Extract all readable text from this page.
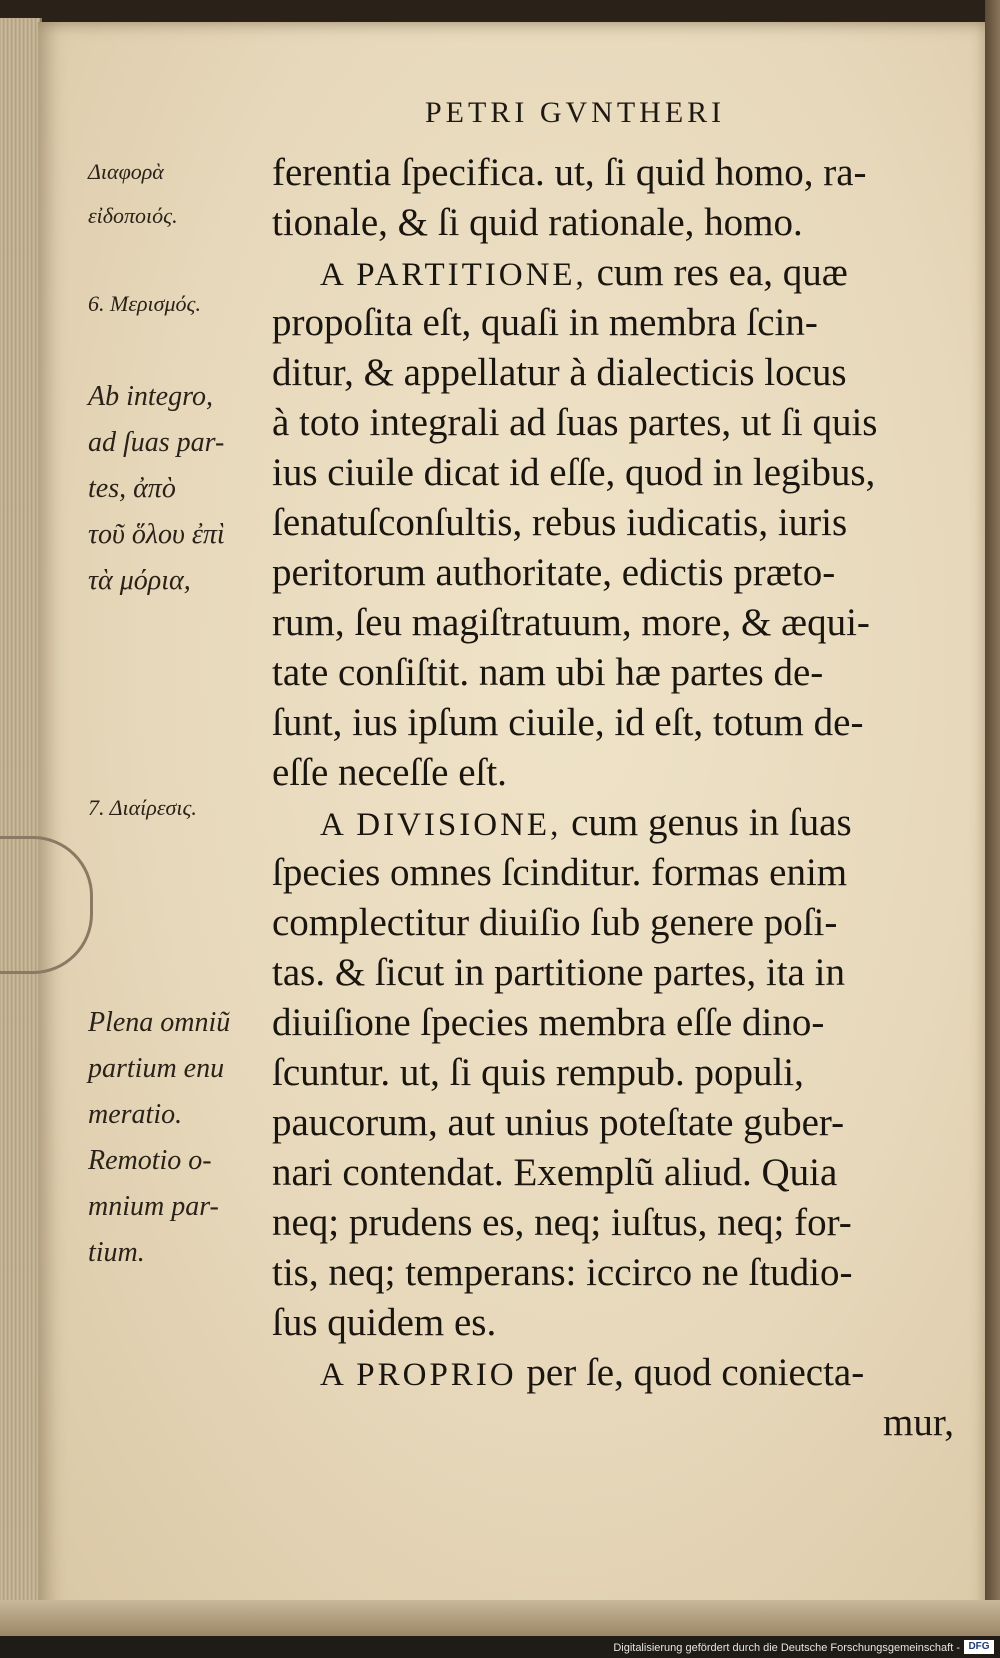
PETRI GVNTHERI
ferentia ſpecifica. ut, ſi quid homo, ra-
tionale, & ſi quid rationale, homo.
A PARTITIONE, cum res ea, quæ
propoſita eſt, quaſi in membra ſcin-
ditur, & appellatur à dialecticis locus
à toto integrali ad ſuas partes, ut ſi quis
ius ciuile dicat id eſſe, quod in legibus,
ſenatuſconſultis, rebus iudicatis, iuris
peritorum authoritate, edictis præto-
rum, ſeu magiſtratuum, more, & æqui-
tate conſiſtit. nam ubi hæ partes de-
ſunt, ius ipſum ciuile, id eſt, totum de-
eſſe neceſſe eſt.
A DIVISIONE, cum genus in ſuas
ſpecies omnes ſcinditur. formas enim
complectitur diuiſio ſub genere poſi-
tas. & ſicut in partitione partes, ita in
diuiſione ſpecies membra eſſe dino-
ſcuntur. ut, ſi quis rempub. populi,
paucorum, aut unius poteſtate guber-
nari contendat. Exemplũ aliud. Quia
neq; prudens es, neq; iuſtus, neq; for-
tis, neq; temperans: iccirco ne ſtudio-
ſus quidem es.
A PROPRIO per ſe, quod coniecta-
Διαφορὰ
εἰδοποιός.
6. Μερισμός.
Ab integro,
ad ſuas par-
tes, ἀπὸ
τοῦ ὅλου ἐπὶ
τὰ μόρια,
7. Διαίρεσις.
Plena omniũ
partium enu
meratio.
Remotio o-
mnium par-
tium.
mur,
Digitalisierung gefördert durch die Deutsche Forschungsgemeinschaft - DFG
